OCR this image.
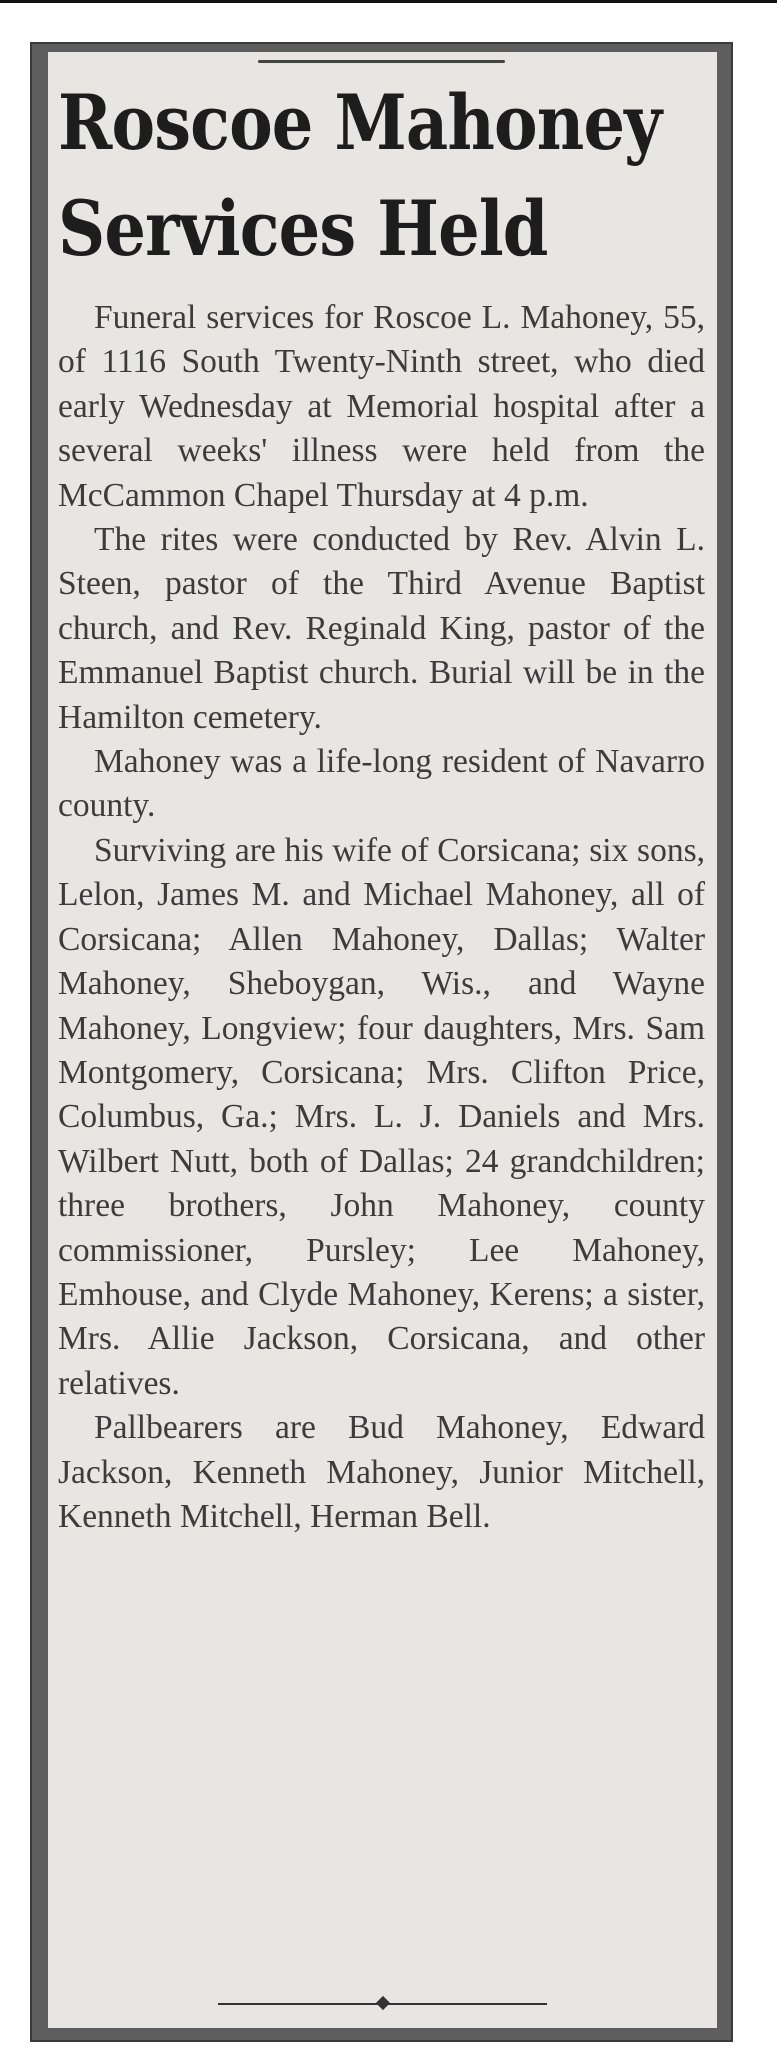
Roscoe Mahoney
Services Held

Funeral services for Roscoe L. Mahoney, 55, of 1116 South Twenty-Ninth street, who died early Wednesday at Memorial hospital after a several weeks' illness were held from the McCammon Chapel Thursday at 4 p.m.

The rites were conducted by Rev. Alvin L. Steen, pastor of the Third Avenue Baptist church, and Rev. Reginald King, pastor of the Emmanuel Baptist church. Burial will be in the Hamilton cemetery.

Mahoney was a life-long resident of Navarro county.

Surviving are his wife of Corsicana; six sons, Lelon, James M. and Michael Mahoney, all of Corsicana; Allen Mahoney, Dallas; Walter Mahoney, Sheboygan, Wis., and Wayne Mahoney, Longview; four daughters, Mrs. Sam Montgomery, Corsicana; Mrs. Clifton Price, Columbus, Ga.; Mrs. L. J. Daniels and Mrs. Wilbert Nutt, both of Dallas; 24 grandchildren; three brothers, John Mahoney, county commissioner, Pursley; Lee Mahoney, Emhouse, and Clyde Mahoney, Kerens; a sister, Mrs. Allie Jackson, Corsicana, and other relatives.

Pallbearers are Bud Mahoney, Edward Jackson, Kenneth Mahoney, Junior Mitchell, Kenneth Mitchell, Herman Bell.
